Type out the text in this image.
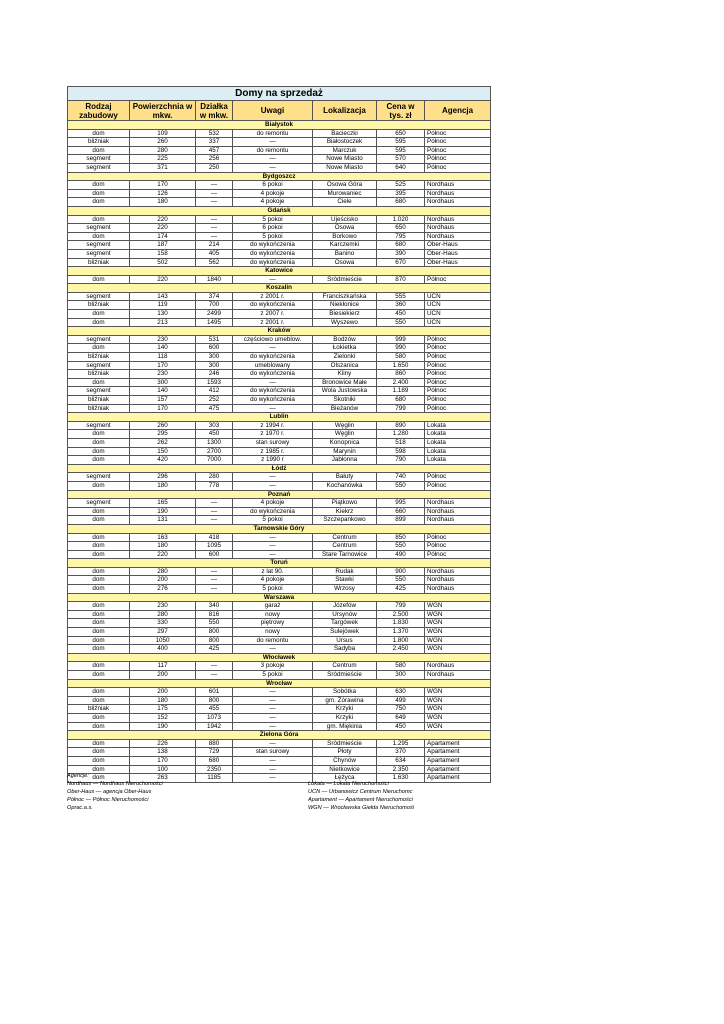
Domy na sprzedaż						
Rodzaj zabudowy	Powierzchnia w mkw.	Działka w mkw.	Uwagi	Lokalizacja	Cena w tys. zł	Agencja
Białystok						
dom	109	532	do remontu	Bacieczki	650	Północ
bliźniak	260	337	—	Białostoczek	595	Północ
dom	280	457	do remontu	Marczuk	595	Północ
segment	225	256	—	Nowe Miasto	570	Północ
segment	371	250	—	Nowe Miasto	640	Północ
Bydgoszcz						
dom	170	—	6 pokoi	Osowa Góra	525	Nordhaus
dom	126	—	4 pokoje	Murowaniec	395	Nordhaus
dom	180	—	4 pokoje	Ciele	680	Nordhaus
Gdańsk						
dom	220	—	5 pokoi	Ujeścisko	1.020	Nordhaus
segment	220	—	6 pokoi	Osowa	650	Nordhaus
dom	174	—	5 pokoi	Borkowo	795	Nordhaus
segment	187	214	do wykończenia	Karczemki	680	Ober-Haus
segment	158	405	do wykończenia	Banino	390	Ober-Haus
bliźniak	502	562	do wykończenia	Osowa	670	Ober-Haus
Katowice						
dom	220	1840	—	Śródmieście	870	Północ
Koszalin						
segment	143	374	z 2001 r.	Franciszkańska	555	UCN
bliźniak	119	700	do wykończenia	Niekłonice	360	UCN
dom	130	2499	z 2007 r.	Biesiekierz	450	UCN
dom	213	1495	z 2001 r.	Wyszewo	550	UCN
Kraków						
segment	230	531	częściowo umeblow.	Bodzów	999	Północ
dom	140	600	—	Łokietka	990	Północ
bliźniak	118	300	do wykończenia	Zielonki	580	Północ
segment	170	300	umeblowany	Olszanica	1.650	Północ
bliźniak	230	246	do wykończenia	Kliny	860	Północ
dom	300	1593	—	Bronowice Małe	2.400	Północ
segment	140	412	do wykończenia	Wola Justowska	1.189	Północ
bliźniak	157	252	do wykończenia	Skotniki	680	Północ
bliźniak	170	475	—	Bieżanów	799	Północ
Lublin						
segment	260	303	z 1994 r.	Węglin	890	Lokata
dom	295	450	z 1970 r.	Węglin	1.280	Lokata
dom	262	1300	stan surowy	Konopnica	518	Lokata
dom	150	2700	z 1985 r.	Marynin	598	Lokata
dom	420	7000	z 1990 r	Jabłonna	790	Lokata
Łódź						
segment	296	280	—	Bałuty	740	Północ
dom	180	778	—	Kochanówka	550	Północ
Poznań						
segment	165	—	4 pokoje	Piątkowo	995	Nordhaus
dom	190	—	do wykończenia	Kiekrz	660	Nordhaus
dom	131	—	5 pokoi	Szczepankowo	899	Nordhaus
Tarnowskie Góry						
dom	163	418	—	Centrum	850	Północ
dom	180	1095	—	Centrum	550	Północ
dom	220	600	—	Stare Tarnowice	490	Północ
Toruń						
dom	280	—	z lat 90.	Rudak	900	Nordhaus
dom	200	—	4 pokoje	Stawki	550	Nordhaus
dom	276	—	5 pokoi	Wrzosy	425	Nordhaus
Warszawa						
dom	230	340	garaż	Józefów	799	WGN
dom	280	816	nowy	Ursynów	2.500	WGN
dom	330	550	piętrowy	Targówek	1.830	WGN
dom	297	800	nowy	Sulejówek	1.370	WGN
dom	1050	800	do remontu	Ursus	1.800	WGN
dom	400	425	—	Sadyba	2.450	WGN
Włocławek						
dom	117	—	3 pokoje	Centrum	580	Nordhaus
dom	200	—	5 pokoi	Śródmieście	300	Nordhaus
Wrocław						
dom	200	601	—	Sobótka	630	WGN
dom	180	800	—	gm. Żórawina	499	WGN
bliźniak	175	455	—	Krzyki	750	WGN
dom	152	1073	—	Krzyki	649	WGN
dom	190	1942	—	gm. Miękinia	450	WGN
Zielona Góra						
dom	226	880	—	Śródmieście	1.295	Apartament
dom	138	729	stan surowy	Płoty	370	Apartament
dom	170	680	—	Chynów	634	Apartament
dom	100	2350	—	Nietkowice	2.350	Apartament
dom	263	1185	—	Łężyca	1.630	Apartament
Agencje:
Nordhaus — Nordhaus Nieruchomości
Ober-Haus — agencja Ober-Haus
Północ — Północ Nieruchomości
Oprac.a.s.
Lokata — Lokata Nieruchomości
UCN — Urbanowicz Centrum Nieruchomc
Apartament — Apartament Nieruchomości
WGN — Wrocławska Giełda Nieruchomośi
